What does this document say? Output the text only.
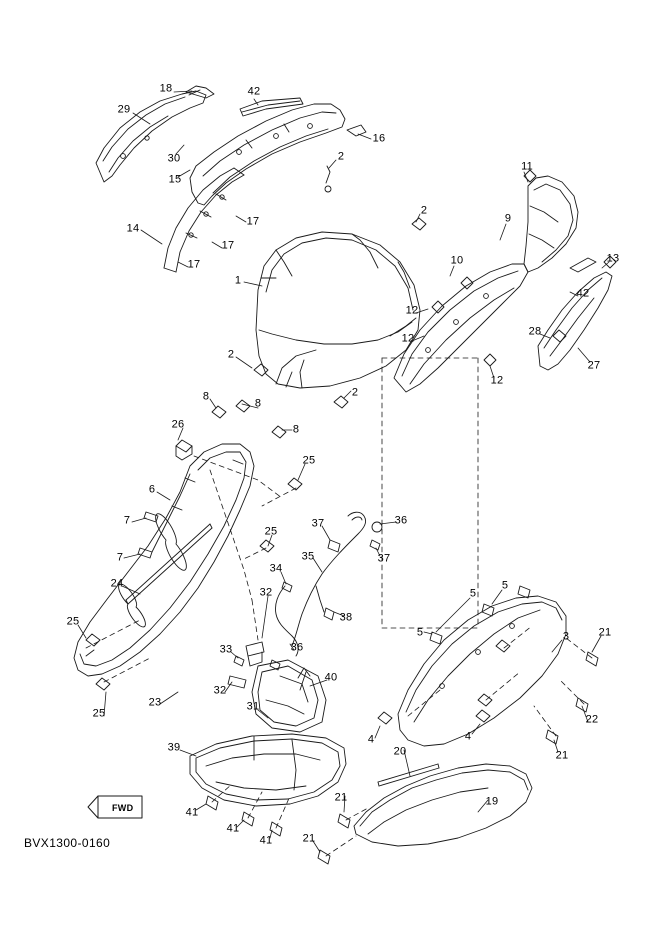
FWD
BVX1300-0160
18	42
29
16
30	2
15
11
9
2
17
14
13
17
10
17
1
42
12
28
12
27
2
12
2
8
8
26	8
25
6
37	36
7
25
35	37
7
34
24	5
32	5
38
25
5	3	21
33	36
40
32
31
23
25	22
4	4
21
39	20
19
21
41
41
41	21
